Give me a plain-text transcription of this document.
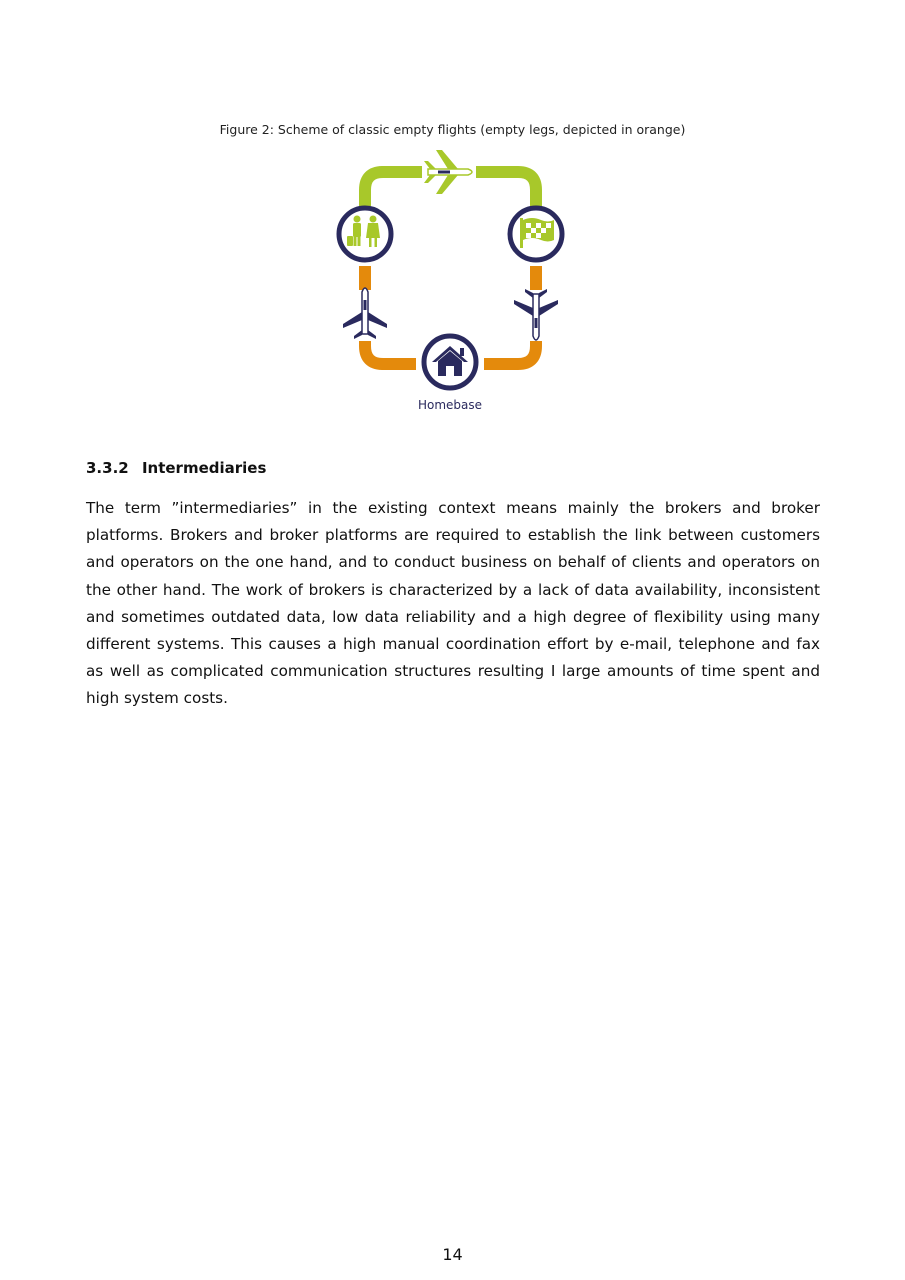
Figure 2: Scheme of classic empty flights (empty legs, depicted in orange)
Homebase
3.3.2 Intermediaries

The term ”intermediaries” in the existing context means mainly the brokers and broker platforms. Brokers and broker platforms are required to establish the link between customers and operators on the one hand, and to conduct business on behalf of clients and operators on the other hand. The work of brokers is characterized by a lack of data availability, inconsistent and sometimes outdated data, low data reliability and a high degree of flexibility using many different systems. This causes a high manual coordination effort by e-mail, telephone and fax as well as complicated communication structures resulting I large amounts of time spent and high system costs.

14
